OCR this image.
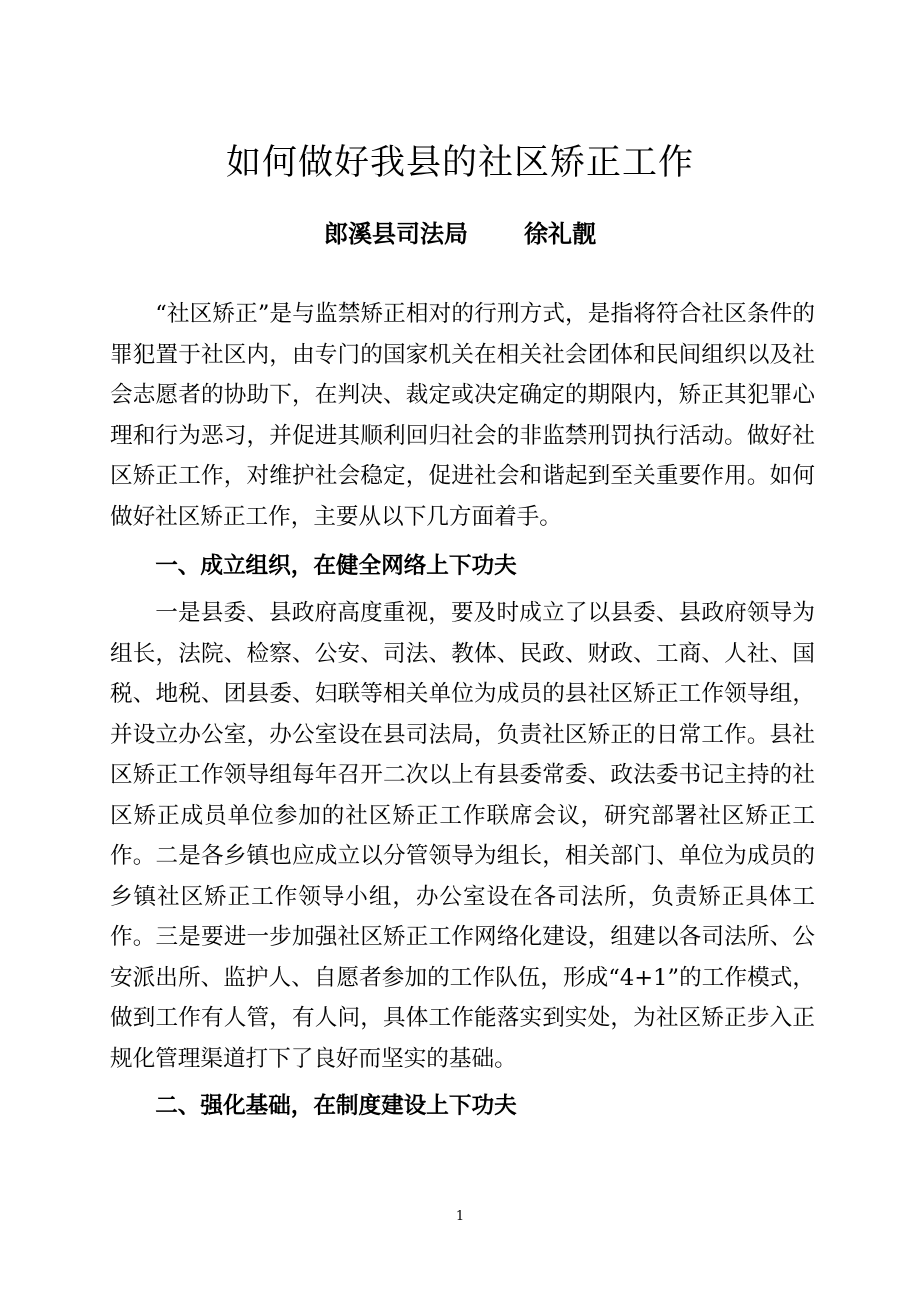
如何做好我县的社区矫正工作
郎溪县司法局 徐礼靓

“社区矫正”是与监禁矫正相对的行刑方式，是指将符合社区条件的罪犯置于社区内，由专门的国家机关在相关社会团体和民间组织以及社会志愿者的协助下，在判决、裁定或决定确定的期限内，矫正其犯罪心理和行为恶习，并促进其顺利回归社会的非监禁刑罚执行活动。做好社区矫正工作，对维护社会稳定，促进社会和谐起到至关重要作用。如何做好社区矫正工作，主要从以下几方面着手。

一、成立组织，在健全网络上下功夫

一是县委、县政府高度重视，要及时成立了以县委、县政府领导为组长，法院、检察、公安、司法、教体、民政、财政、工商、人社、国税、地税、团县委、妇联等相关单位为成员的县社区矫正工作领导组，并设立办公室，办公室设在县司法局，负责社区矫正的日常工作。县社区矫正工作领导组每年召开二次以上有县委常委、政法委书记主持的社区矫正成员单位参加的社区矫正工作联席会议，研究部署社区矫正工作。二是各乡镇也应成立以分管领导为组长，相关部门、单位为成员的乡镇社区矫正工作领导小组，办公室设在各司法所，负责矫正具体工作。三是要进一步加强社区矫正工作网络化建设，组建以各司法所、公安派出所、监护人、自愿者参加的工作队伍，形成“4+1”的工作模式，做到工作有人管，有人问，具体工作能落实到实处，为社区矫正步入正规化管理渠道打下了良好而坚实的基础。

二、强化基础，在制度建设上下功夫

1
